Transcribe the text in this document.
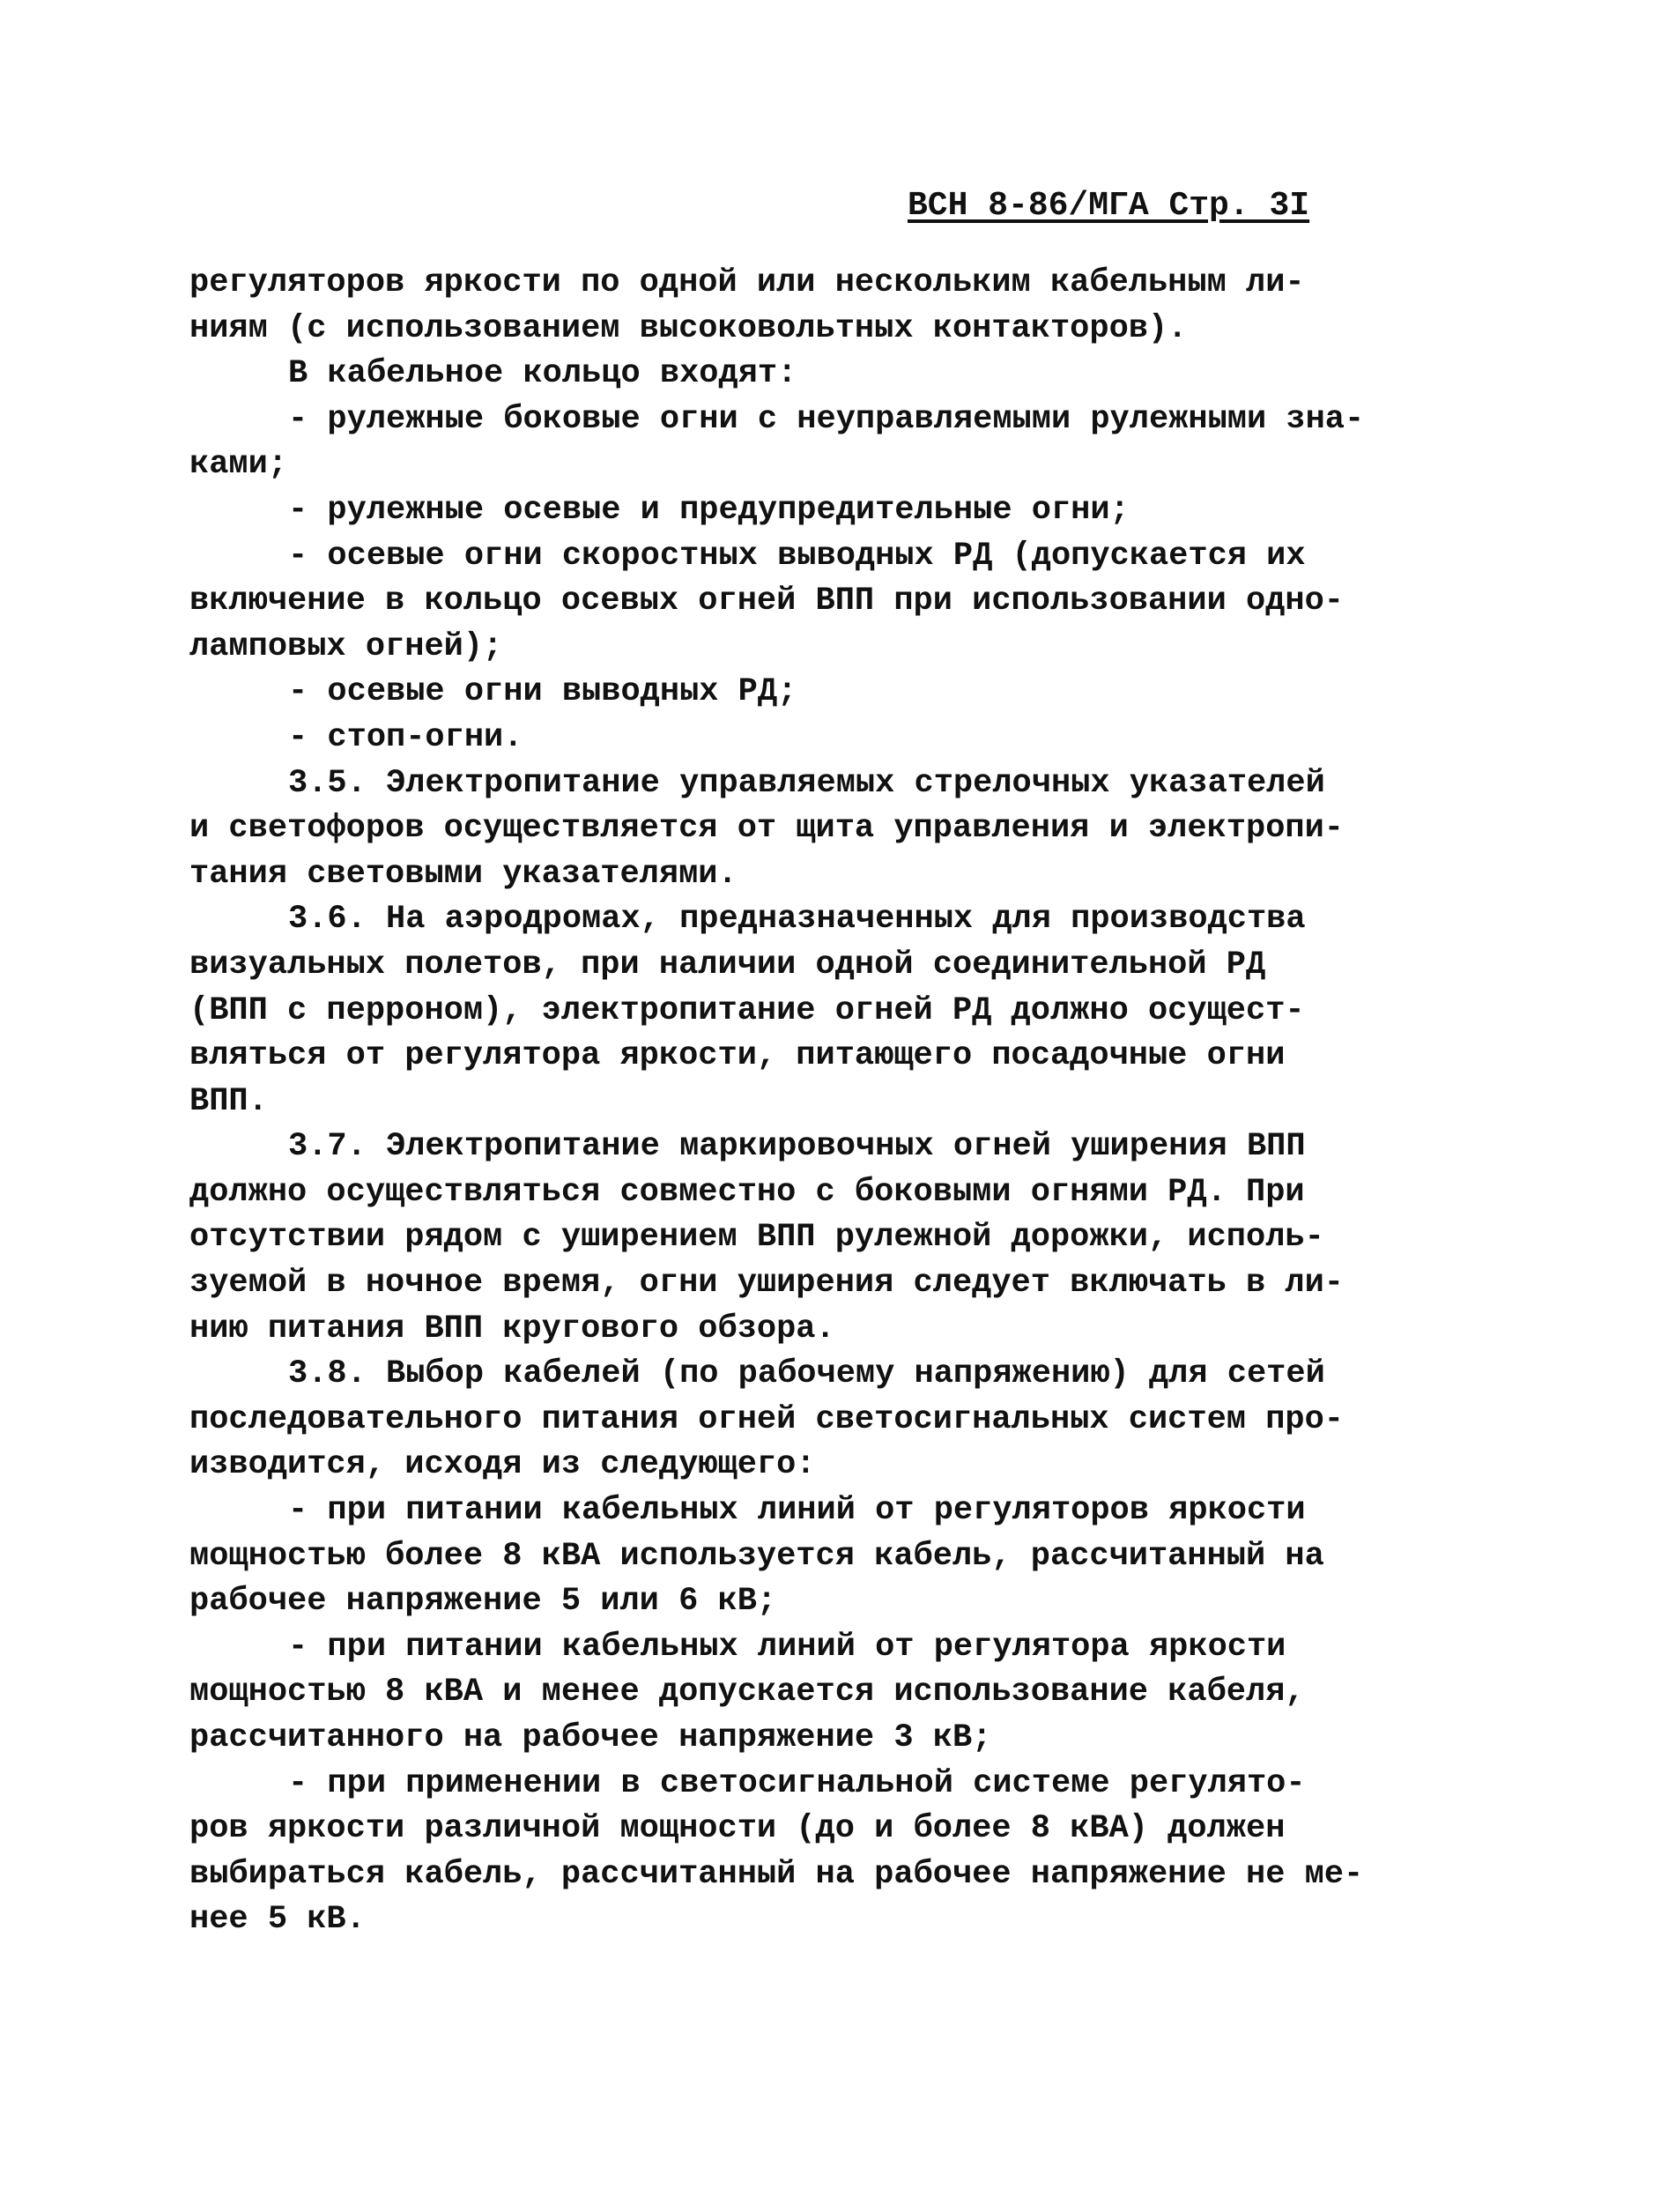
ВСН 8-86/МГА Стр. 3I
регуляторов яркости по одной или нескольким кабельным ли-
ниям (с использованием высоковольтных контакторов).
В кабельное кольцо входят:
- рулежные боковые огни с неуправляемыми рулежными зна-
ками;
- рулежные осевые и предупредительные огни;
- осевые огни скоростных выводных РД (допускается их
включение в кольцо осевых огней ВПП при использовании одно-
ламповых огней);
- осевые огни выводных РД;
- стоп-огни.
3.5. Электропитание управляемых стрелочных указателей
и светофоров осуществляется от щита управления и электропи-
тания световыми указателями.
3.6. На аэродромах, предназначенных для производства
визуальных полетов, при наличии одной соединительной РД
(ВПП с перроном), электропитание огней РД должно осущест-
вляться от регулятора яркости, питающего посадочные огни
ВПП.
3.7. Электропитание маркировочных огней уширения ВПП
должно осуществляться совместно с боковыми огнями РД. При
отсутствии рядом с уширением ВПП рулежной дорожки, исполь-
зуемой в ночное время, огни уширения следует включать в ли-
нию питания ВПП кругового обзора.
3.8. Выбор кабелей (по рабочему напряжению) для сетей
последовательного питания огней светосигнальных систем про-
изводится, исходя из следующего:
- при питании кабельных линий от регуляторов яркости
мощностью более 8 кВА используется кабель, рассчитанный на
рабочее напряжение 5 или 6 кВ;
- при питании кабельных линий от регулятора яркости
мощностью 8 кВА и менее допускается использование кабеля,
рассчитанного на рабочее напряжение 3 кВ;
- при применении в светосигнальной системе регулято-
ров яркости различной мощности (до и более 8 кВА) должен
выбираться кабель, рассчитанный на рабочее напряжение не ме-
нее 5 кВ.
